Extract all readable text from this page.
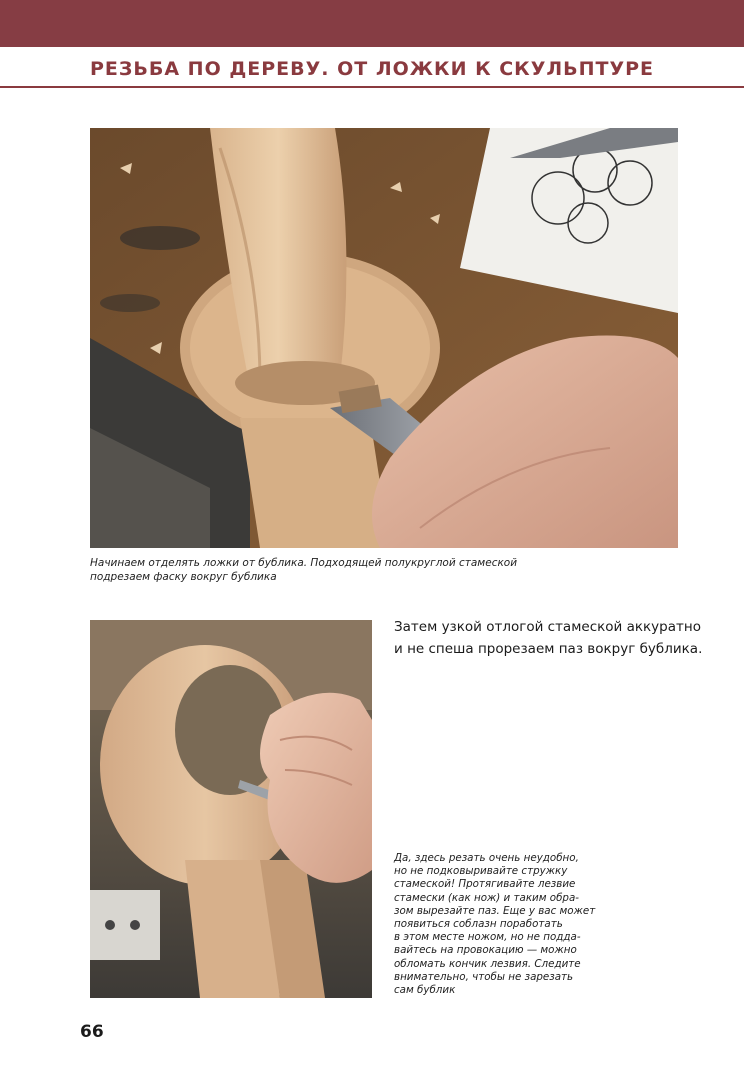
РЕЗЬБА ПО ДЕРЕВУ. ОТ ЛОЖКИ К СКУЛЬПТУРЕ
Начинаем отделять ложки от бублика. Подходящей полукруглой стамеской
подрезаем фаску вокруг бублика
Затем узкой отлогой стамеской аккуратно
и не спеша прорезаем паз вокруг бублика.
Да, здесь резать очень неудобно,
но не подковыривайте стружку
стамеской! Протягивайте лезвие
стамески (как нож) и таким обра-
зом вырезайте паз. Еще у вас может
появиться соблазн поработать
в этом месте ножом, но не подда-
вайтесь на провокацию — можно
обломать кончик лезвия. Следите
внимательно, чтобы не зарезать
сам бублик
66
